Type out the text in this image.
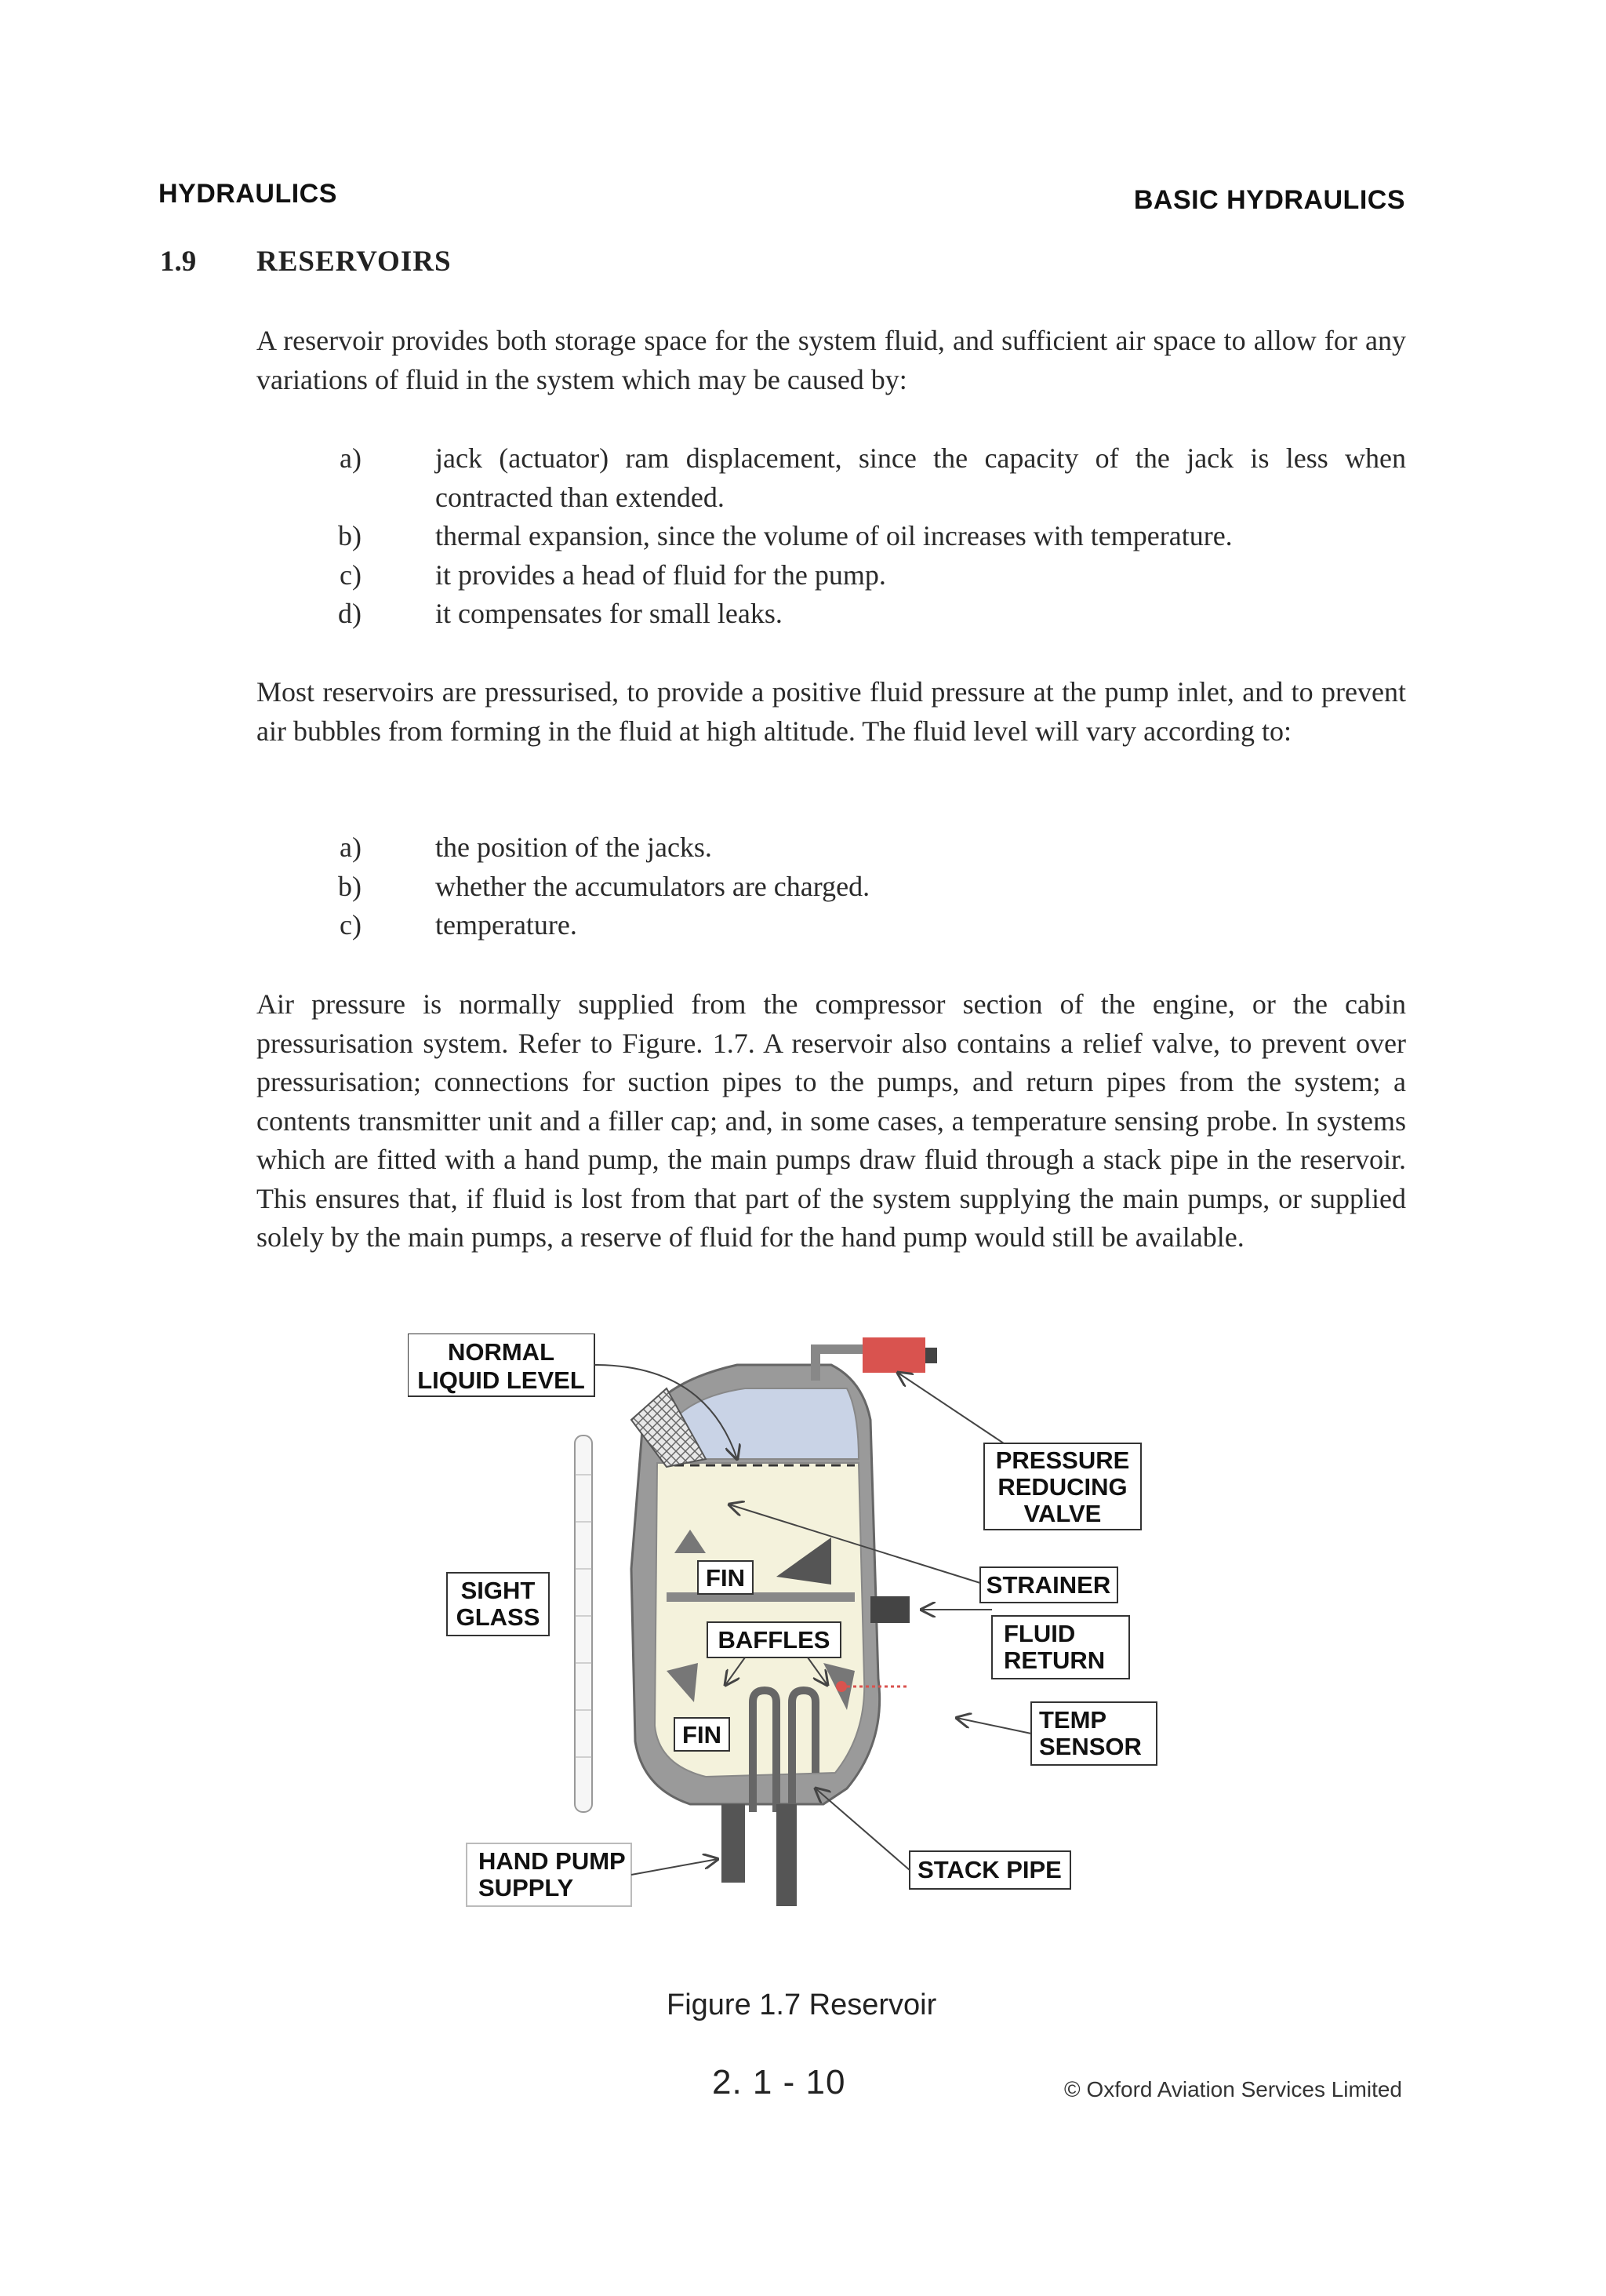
HYDRAULICS	BASIC HYDRAULICS
1.9 RESERVOIRS
A reservoir provides both storage space for the system fluid, and sufficient air space to allow for any variations of fluid in the system which may be caused by:
a)	jack (actuator) ram displacement, since the capacity of the jack is less when contracted than extended.
b)	thermal expansion, since the volume of oil increases with temperature.
c)	it provides a head of fluid for the pump.
d)	it compensates for small leaks.
Most reservoirs are pressurised, to provide a positive fluid pressure at the pump inlet, and to prevent air bubbles from forming in the fluid at high altitude. The fluid level will vary according to:
a)	the position of the jacks.
b)	whether the accumulators are charged.
c)	temperature.
Air pressure is normally supplied from the compressor section of the engine, or the cabin pressurisation system. Refer to Figure. 1.7. A reservoir also contains a relief valve, to prevent over pressurisation; connections for suction pipes to the pumps, and return pipes from the system; a contents transmitter unit and a filler cap; and, in some cases, a temperature sensing probe. In systems which are fitted with a hand pump, the main pumps draw fluid through a stack pipe in the reservoir. This ensures that, if fluid is lost from that part of the system supplying the main pumps, or supplied solely by the main pumps, a reserve of fluid for the hand pump would still be available.
NORMAL
LIQUID LEVEL
PRESSURE
REDUCING
VALVE
SIGHT
GLASS
FIN	STRAINER
BAFFLES	FLUID
RETURN
FIN
TEMP
SENSOR
HAND PUMP
SUPPLY
STACK PIPE
Figure 1.7 Reservoir
2. 1 - 10	© Oxford Aviation Services Limited
